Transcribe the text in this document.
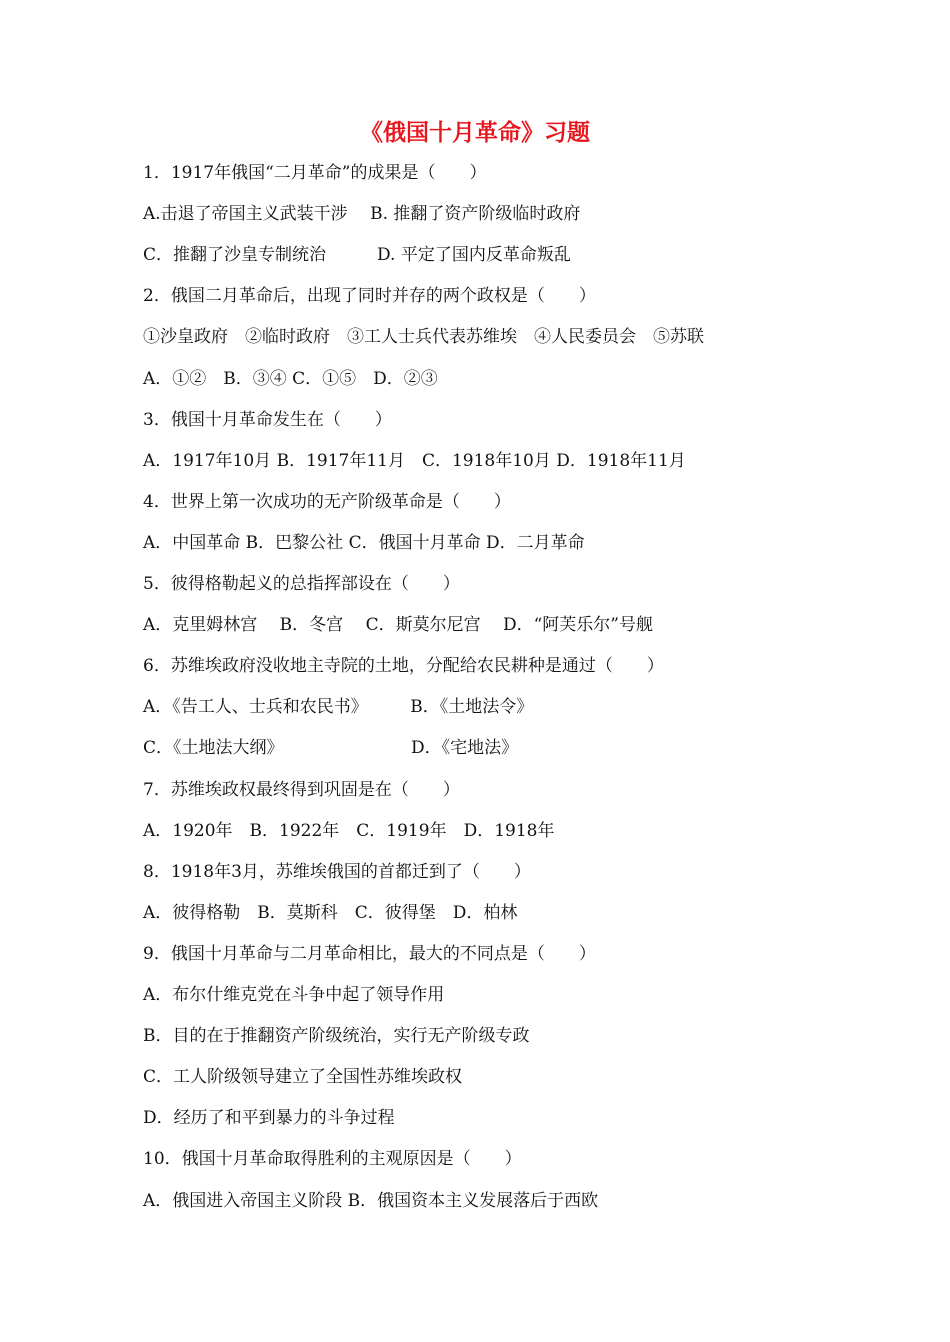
《俄国十月革命》习题
1．1917年俄国“二月革命”的成果是（　　）
A.击退了帝国主义武装干涉　 B. 推翻了资产阶级临时政府
C．推翻了沙皇专制统治　　　D. 平定了国内反革命叛乱
2．俄国二月革命后，出现了同时并存的两个政权是（　　）
①沙皇政府　②临时政府　③工人士兵代表苏维埃　④人民委员会　⑤苏联
A．①②　B．③④ C．①⑤　D．②③
3．俄国十月革命发生在（　　）
A．1917年10月 B．1917年11月　C．1918年10月 D．1918年11月
4．世界上第一次成功的无产阶级革命是（　　）
A．中国革命 B．巴黎公社 C．俄国十月革命 D．二月革命
5．彼得格勒起义的总指挥部设在（　　）
A．克里姆林宫　 B．冬宫　 C．斯莫尔尼宫　 D．“阿芙乐尔”号舰
6．苏维埃政府没收地主寺院的土地，分配给农民耕种是通过（　　）
A．《告工人、士兵和农民书》　　　B．《土地法令》
C．《土地法大纲》　　　　　　　　D．《宅地法》
7．苏维埃政权最终得到巩固是在（　　）
A．1920年　B．1922年　C．1919年　D．1918年
8．1918年3月，苏维埃俄国的首都迁到了（　　）
A．彼得格勒　B．莫斯科　C．彼得堡　D．柏林
9．俄国十月革命与二月革命相比，最大的不同点是（　　）
A．布尔什维克党在斗争中起了领导作用
B．目的在于推翻资产阶级统治，实行无产阶级专政
C．工人阶级领导建立了全国性苏维埃政权
D．经历了和平到暴力的斗争过程
10．俄国十月革命取得胜利的主观原因是（　　）
A．俄国进入帝国主义阶段 B．俄国资本主义发展落后于西欧
